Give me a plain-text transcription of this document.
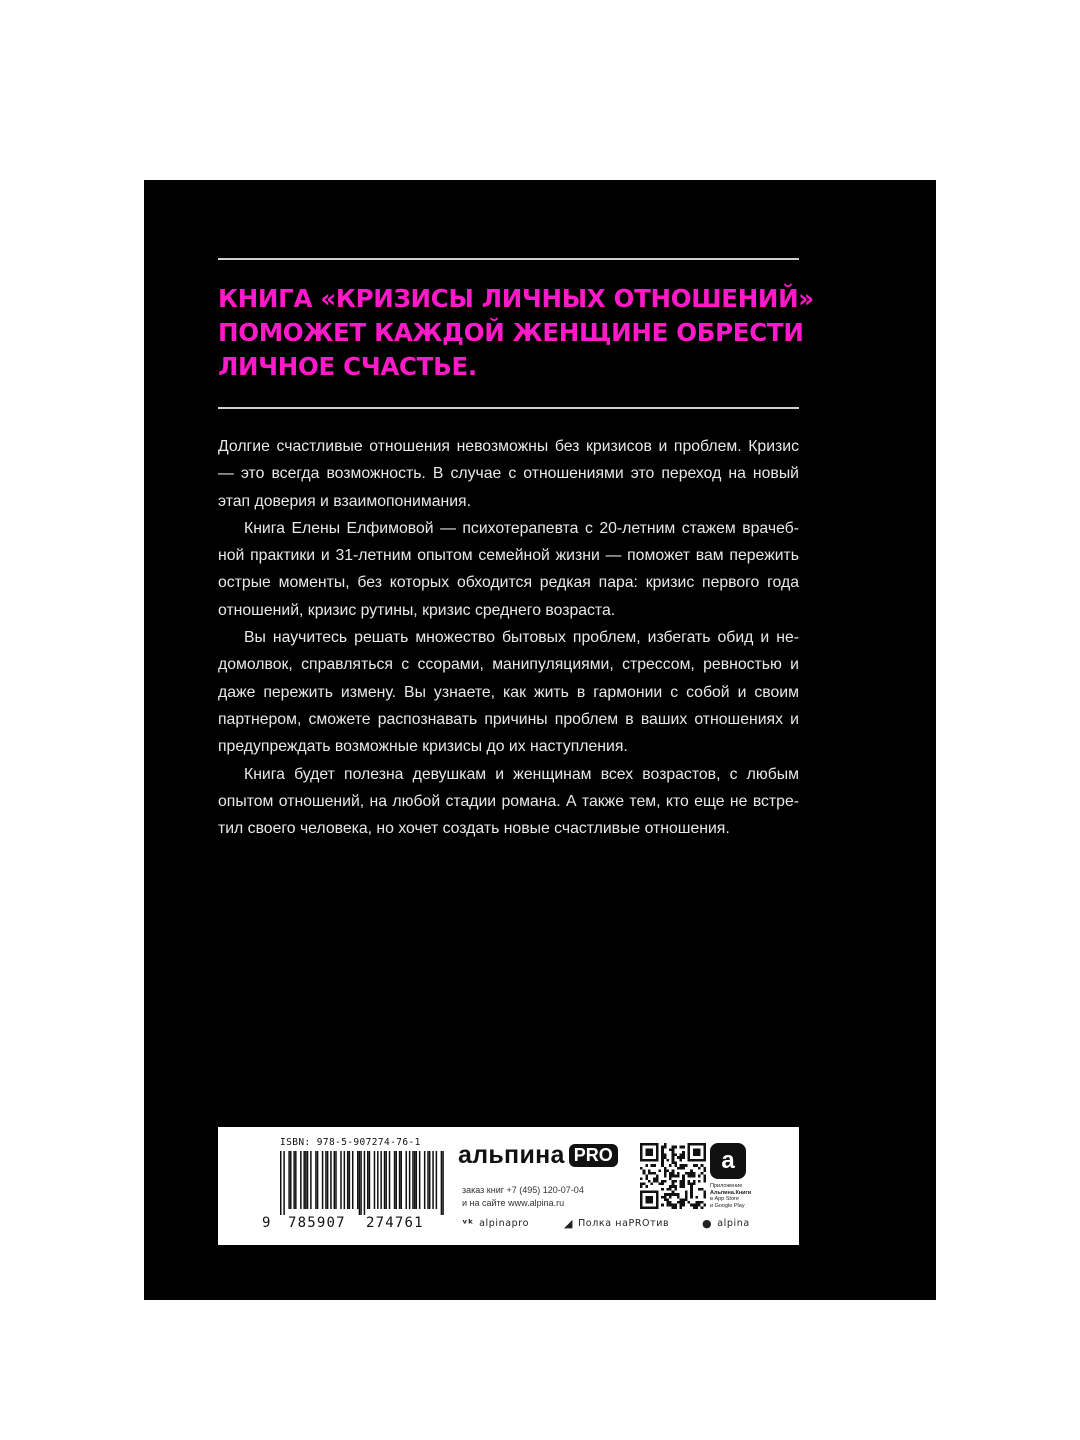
КНИГА «КРИЗИСЫ ЛИЧНЫХ ОТНОШЕНИЙ»
ПОМОЖЕТ КАЖДОЙ ЖЕНЩИНЕ ОБРЕСТИ
ЛИЧНОЕ СЧАСТЬЕ.

Долгие счастливые отношения невозможны без кризисов и проблем. Кризис — это всегда возможность. В случае с отношениями это переход на новый этап доверия и взаимопонимания.

Книга Елены Елфимовой — психотерапевта с 20-летним стажем врачебной практики и 31-летним опытом семейной жизни — поможет вам пережить острые моменты, без которых обходится редкая пара: кризис первого года отношений, кризис рутины, кризис среднего возраста.

Вы научитесь решать множество бытовых проблем, избегать обид и недомолвок, справляться с ссорами, манипуляциями, стрессом, ревностью и даже пережить измену. Вы узнаете, как жить в гармонии с собой и своим партнером, сможете распознавать причины проблем в ваших отношениях и предупреждать возможные кризисы до их наступления.

Книга будет полезна девушкам и женщинам всех возрастов, с любым опытом отношений, на любой стадии романа. А также тем, кто еще не встретил своего человека, но хочет создать новые счастливые отношения.

ISBN: 978-5-907274-76-1
9 785907 274761
альпина PRO
заказ книг +7 (495) 120-07-04
и на сайте www.alpina.ru
a
Приложение
Альпина.Книги
в App Store
и Google Play
ᵛᵏ alpinapro	◢ Полка наPROтив	● alpina
